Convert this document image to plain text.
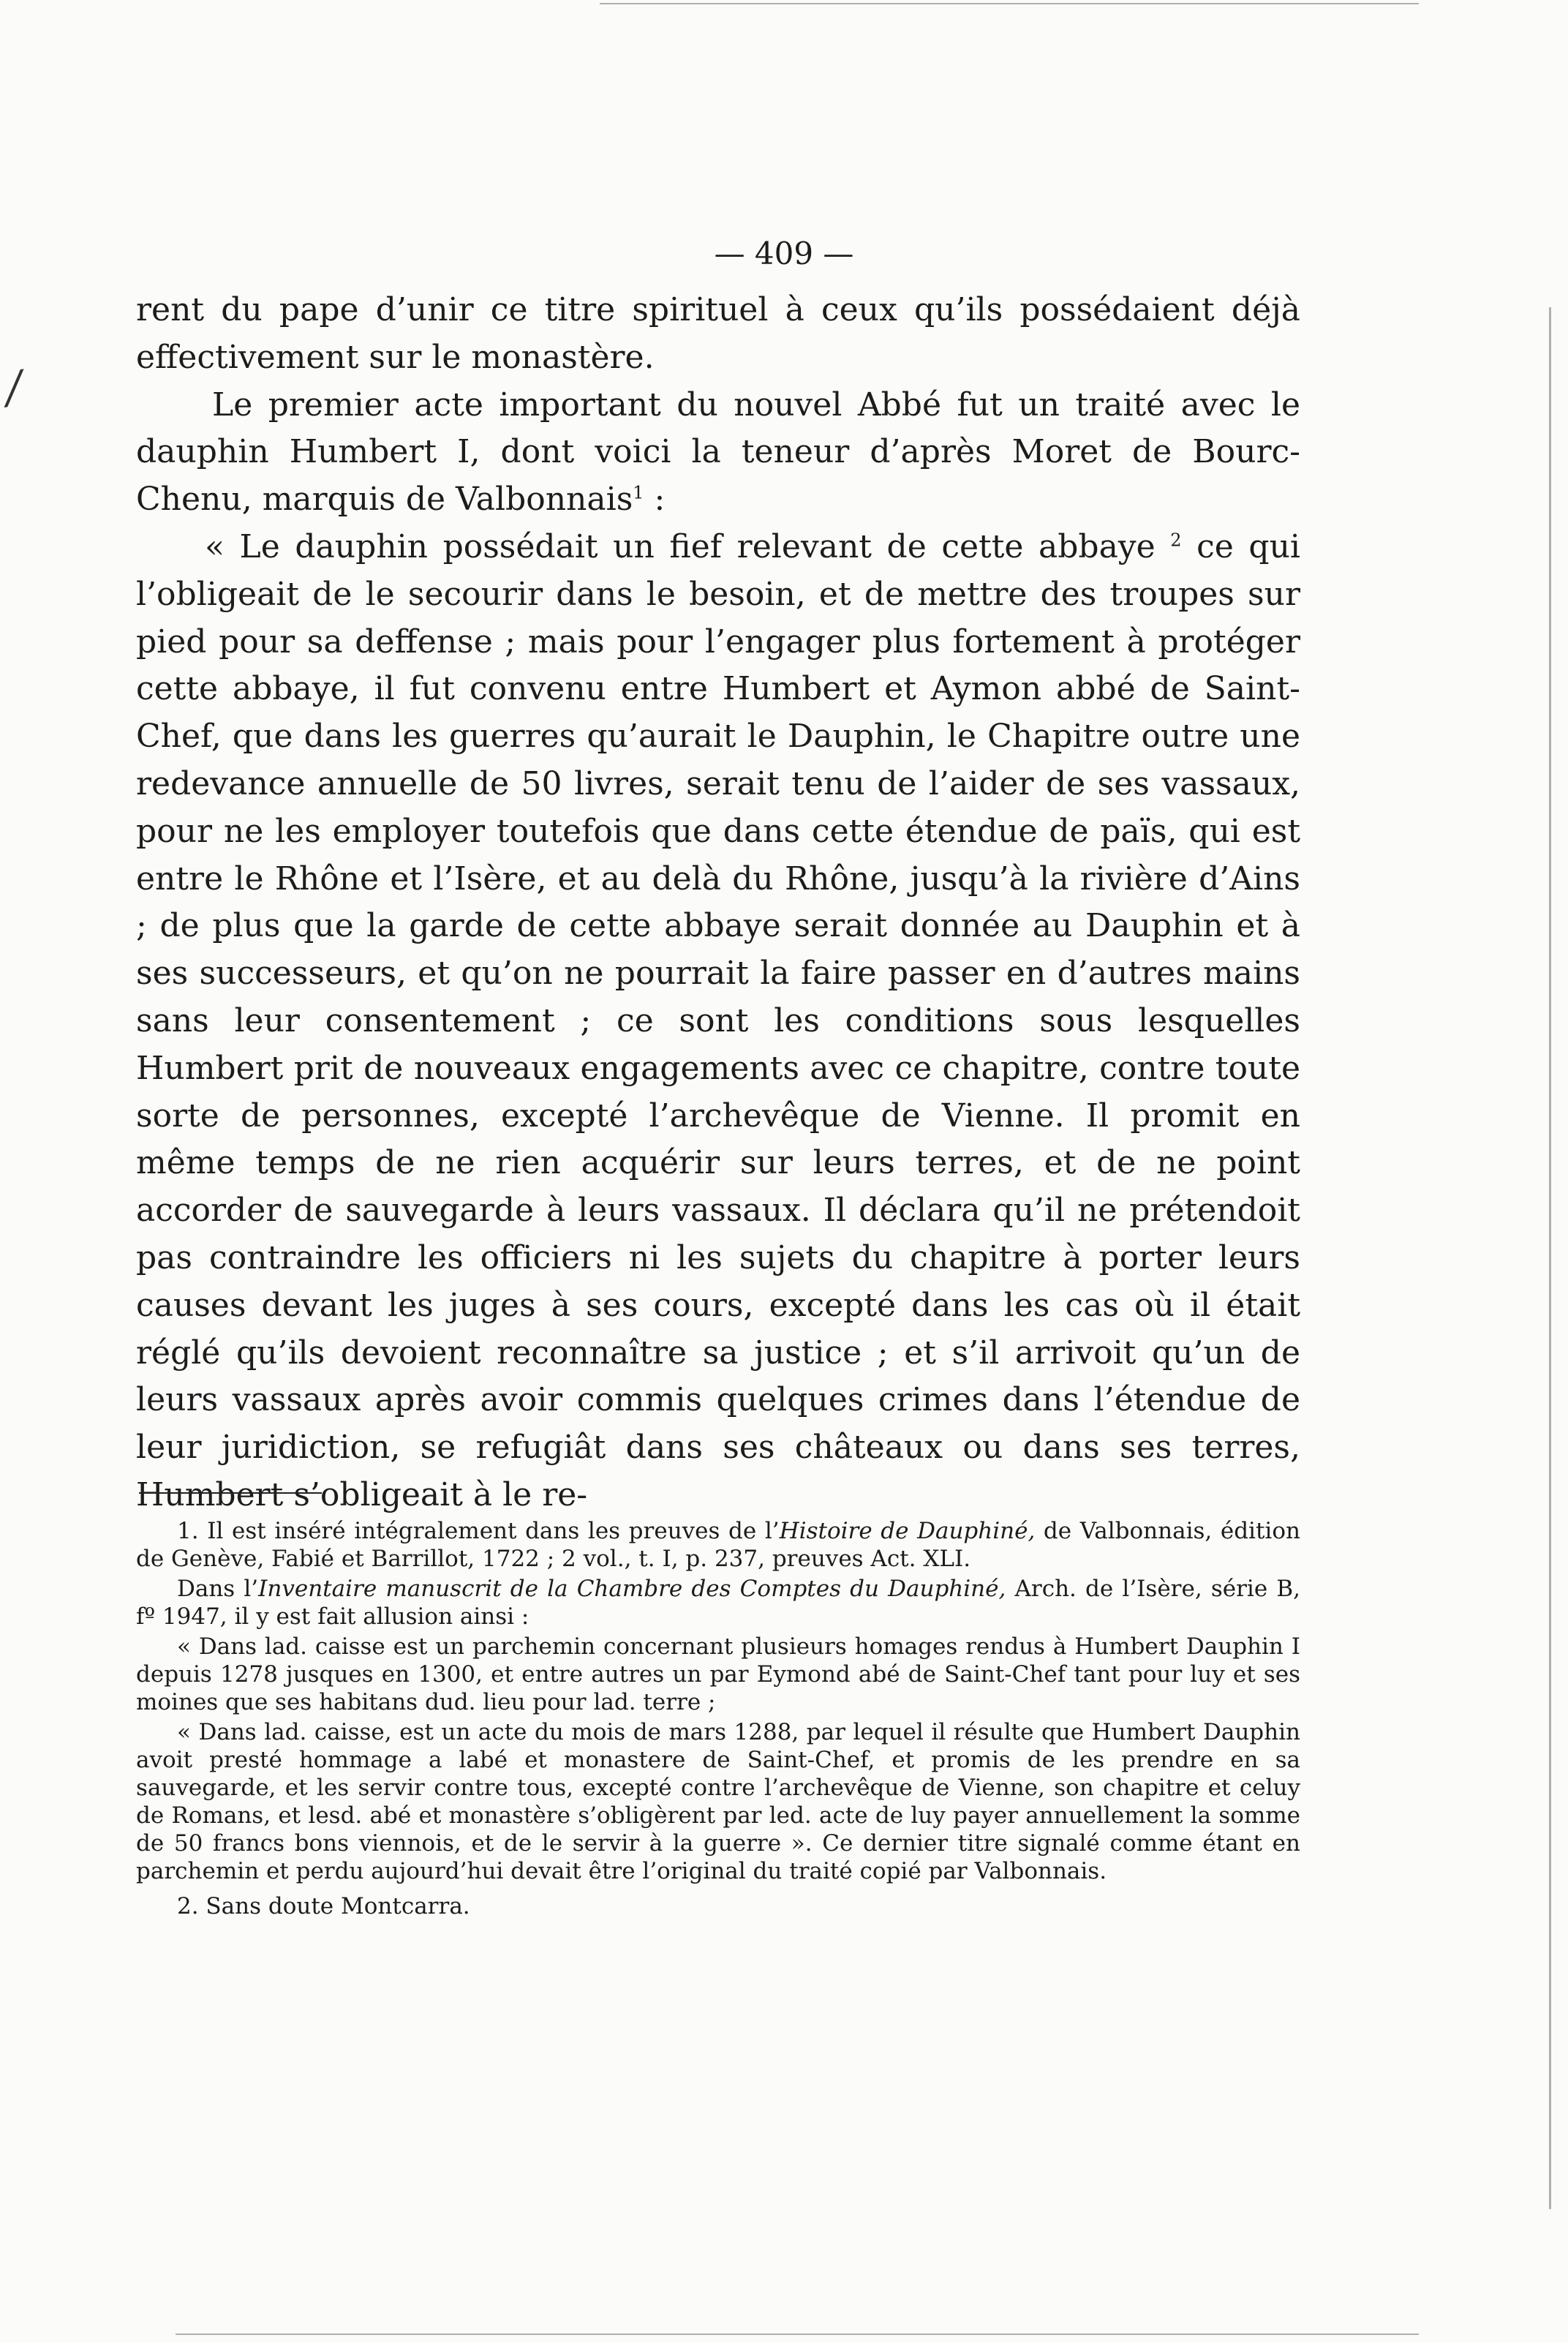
⁄
— 409 —

rent du pape d’unir ce titre spirituel à ceux qu’ils possédaient déjà effectivement sur le monastère.

Le premier acte important du nouvel Abbé fut un traité avec le dauphin Humbert I, dont voici la teneur d’après Moret de Bourc-Chenu, marquis de Valbonnais$^1$ :

« Le dauphin possédait un fief relevant de cette abbaye $^2$ ce qui l’obligeait de le secourir dans le besoin, et de mettre des troupes sur pied pour sa deffense ; mais pour l’engager plus fortement à protéger cette abbaye, il fut convenu entre Humbert et Aymon abbé de Saint-Chef, que dans les guerres qu’aurait le Dauphin, le Chapitre outre une redevance annuelle de 50 livres, serait tenu de l’aider de ses vassaux, pour ne les employer toutefois que dans cette étendue de païs, qui est entre le Rhône et l’Isère, et au delà du Rhône, jusqu’à la rivière d’Ains ; de plus que la garde de cette abbaye serait donnée au Dauphin et à ses successeurs, et qu’on ne pourrait la faire passer en d’autres mains sans leur consentement ; ce sont les conditions sous lesquelles Humbert prit de nouveaux engagements avec ce chapitre, contre toute sorte de personnes, excepté l’archevêque de Vienne. Il promit en même temps de ne rien acquérir sur leurs terres, et de ne point accorder de sauvegarde à leurs vassaux. Il déclara qu’il ne prétendoit pas contraindre les officiers ni les sujets du chapitre à porter leurs causes devant les juges à ses cours, excepté dans les cas où il était réglé qu’ils devoient reconnaître sa justice ; et s’il arrivoit qu’un de leurs vassaux après avoir commis quelques crimes dans l’étendue de leur juridiction, se refugiât dans ses châteaux ou dans ses terres, Humbert s’obligeait à le re-

1. Il est inséré intégralement dans les preuves de l’Histoire de Dauphiné, de Valbonnais, édition de Genève, Fabié et Barrillot, 1722 ; 2 vol., t. I, p. 237, preuves Act. XLI.

Dans l’Inventaire manuscrit de la Chambre des Comptes du Dauphiné, Arch. de l’Isère, série B, fº 1947, il y est fait allusion ainsi :

« Dans lad. caisse est un parchemin concernant plusieurs homages rendus à Humbert Dauphin I depuis 1278 jusques en 1300, et entre autres un par Eymond abé de Saint-Chef tant pour luy et ses moines que ses habitans dud. lieu pour lad. terre ;

« Dans lad. caisse, est un acte du mois de mars 1288, par lequel il résulte que Humbert Dauphin avoit presté hommage a labé et monastere de Saint-Chef, et promis de les prendre en sa sauvegarde, et les servir contre tous, excepté contre l’archevêque de Vienne, son chapitre et celuy de Romans, et lesd. abé et monastère s’obligèrent par led. acte de luy payer annuellement la somme de 50 francs bons viennois, et de le servir à la guerre ». Ce dernier titre signalé comme étant en parchemin et perdu aujourd’hui devait être l’original du traité copié par Valbonnais.

2. Sans doute Montcarra.
